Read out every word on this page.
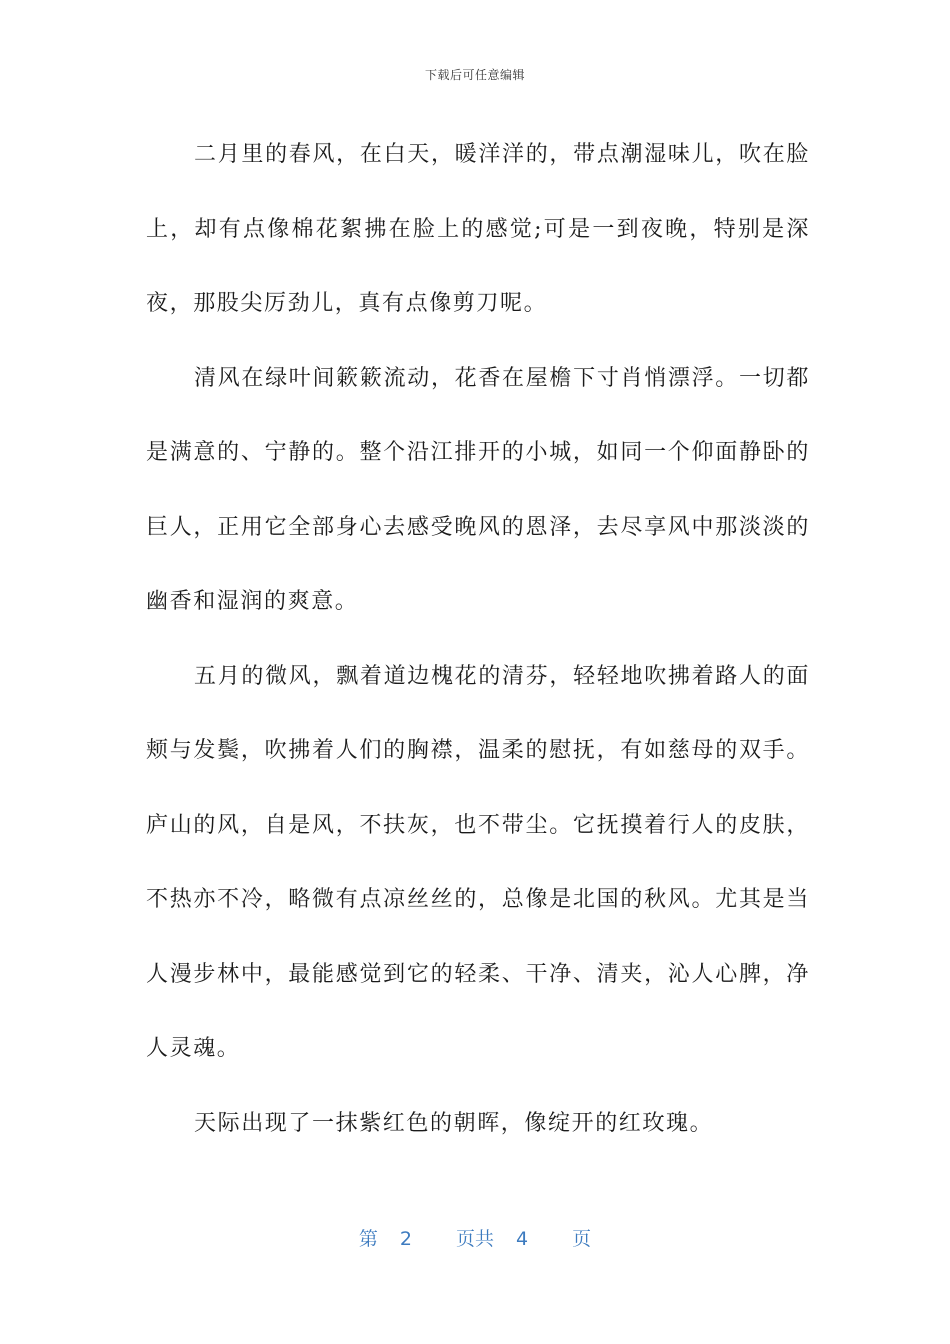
下载后可任意编辑

二月里的春风，在白天，暖洋洋的，带点潮湿味儿，吹在脸上，却有点像棉花絮拂在脸上的感觉;可是一到夜晚，特别是深夜，那股尖厉劲儿，真有点像剪刀呢。

清风在绿叶间簌簌流动，花香在屋檐下寸肖悄漂浮。一切都是满意的、宁静的。整个沿江排开的小城，如同一个仰面静卧的巨人，正用它全部身心去感受晚风的恩泽，去尽享风中那淡淡的幽香和湿润的爽意。

五月的微风，飘着道边槐花的清芬，轻轻地吹拂着路人的面颊与发鬓，吹拂着人们的胸襟，温柔的慰抚，有如慈母的双手。庐山的风，自是风，不扶灰，也不带尘。它抚摸着行人的皮肤，不热亦不冷，略微有点凉丝丝的，总像是北国的秋风。尤其是当人漫步林中，最能感觉到它的轻柔、干净、清夹，沁人心脾，净人灵魂。

天际出现了一抹紫红色的朝晖，像绽开的红玫瑰。

第 2 页共 4 页
